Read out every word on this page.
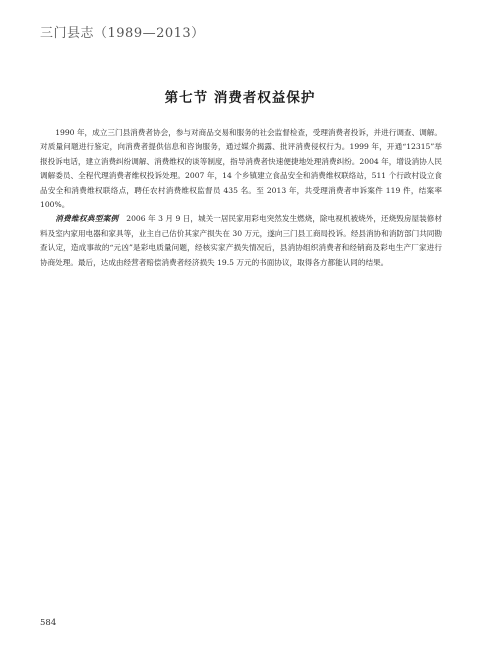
三门县志（1989—2013）
第七节 消费者权益保护

1990 年，成立三门县消费者协会，参与对商品交易和服务的社会监督检查，受理消费者投诉，并进行调查、调解。对质量问题进行鉴定，向消费者提供信息和咨询服务，通过媒介揭露、批评消费侵权行为。1999 年，开通“12315”举报投诉电话，建立消费纠纷调解、消费维权的谈等制度，指导消费者快速便捷地处理消费纠纷。2004 年，增设消协人民调解委员、全程代理消费者维权投诉处理。2007 年，14 个乡镇建立食品安全和消费维权联络站，511 个行政村设立食品安全和消费维权联络点，聘任农村消费维权监督员 435 名。至 2013 年，共受理消费者申诉案件 119 件，结案率 100%。

消费维权典型案例　 2006 年 3 月 9 日，城关一居民家用彩电突然发生燃烧，除电视机被烧外，还烧毁房屋装修材料及室内家用电器和家具等，业主自己估价其家产损失在 30 万元，遂向三门县工商局投诉。经县消协和消防部门共同勘查认定，造成事故的“元凶”是彩电质量问题，经核实家产损失情况后，县消协组织消费者和经销商及彩电生产厂家进行协商处理。最后，达成由经营者赔偿消费者经济损失 19.5 万元的书面协议，取得各方都能认同的结果。

584
